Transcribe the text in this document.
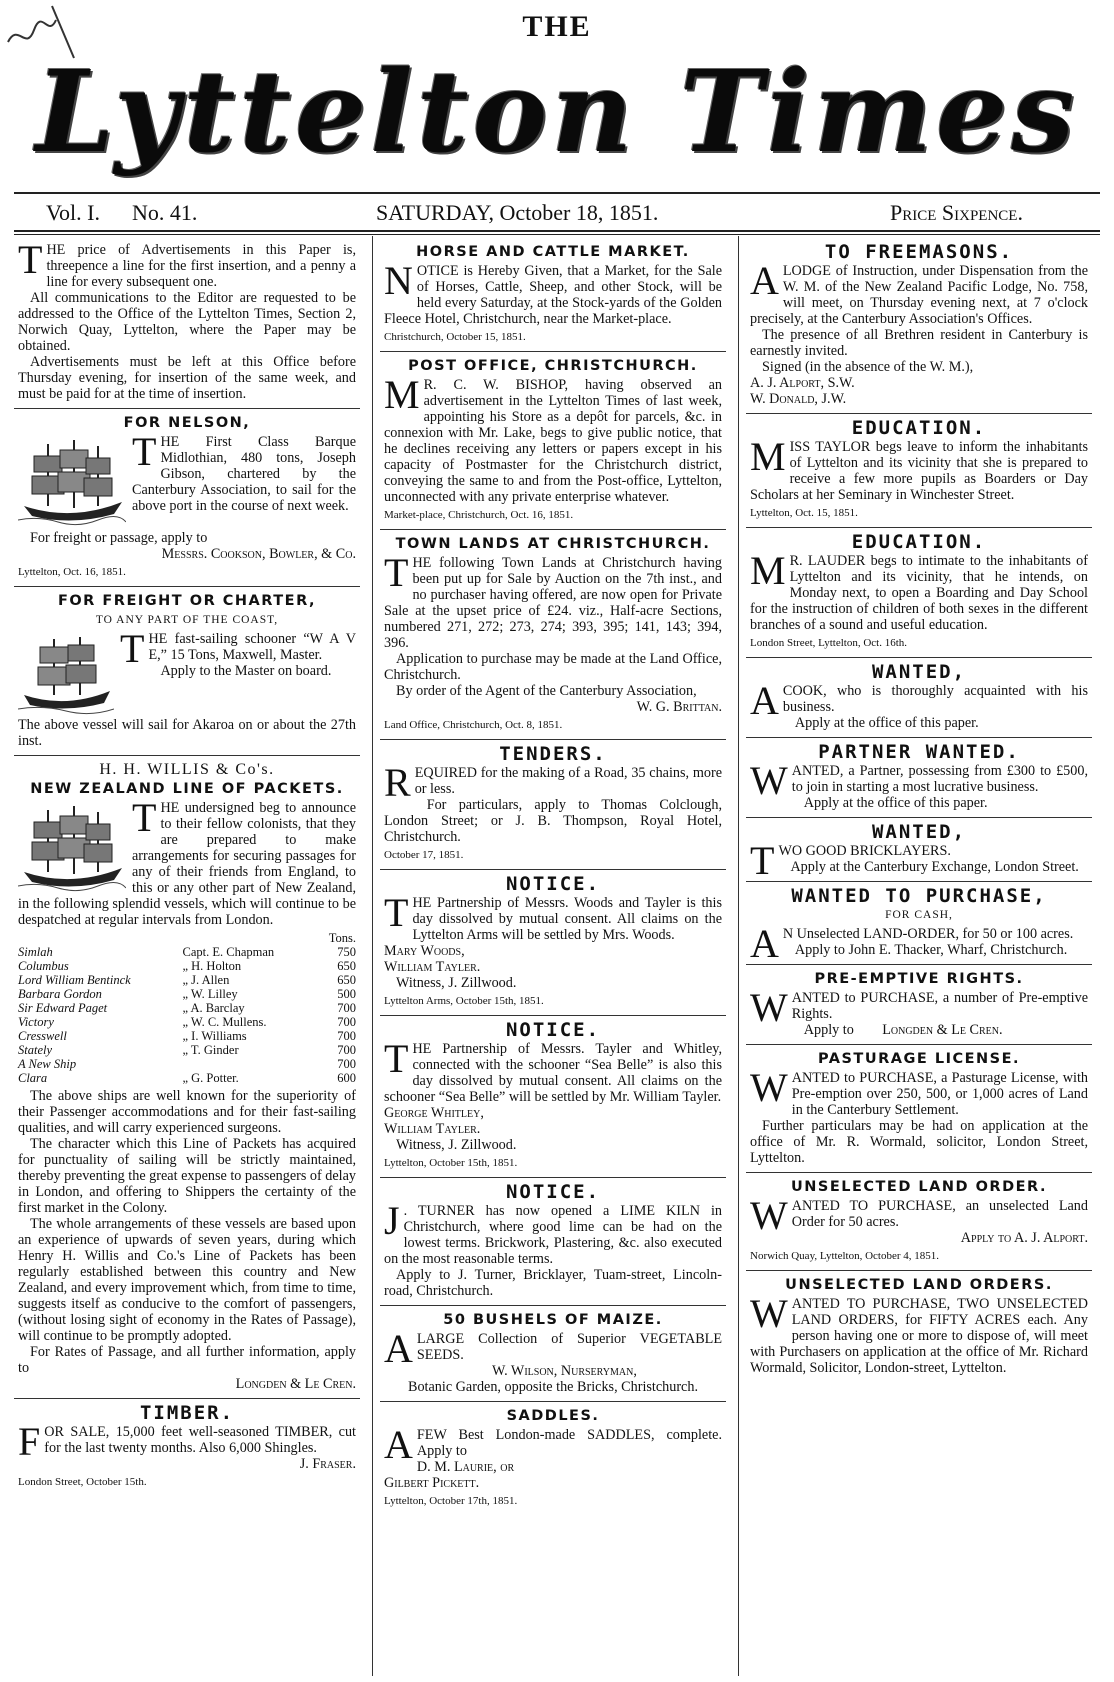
THE
Lyttelton Times
Vol. I. No. 41.	SATURDAY, October 18, 1851.	Price Sixpence.

THE price of Advertisements in this Paper is, threepence a line for the first insertion, and a penny a line for every subsequent one.

All communications to the Editor are requested to be addressed to the Office of the Lyttelton Times, Section 2, Norwich Quay, Lyttelton, where the Paper may be obtained.

Advertisements must be left at this Office before Thursday evening, for insertion of the same week, and must be paid for at the time of insertion.

FOR NELSON,

THE First Class Barque Midlothian, 480 tons, Joseph Gibson, chartered by the Canterbury Association, to sail for the above port in the course of next week.

For freight or passage, apply to

Messrs. Cookson, Bowler, & Co.

Lyttelton, Oct. 16, 1851.

FOR FREIGHT OR CHARTER,
TO ANY PART OF THE COAST,

THE fast-sailing schooner “W A V E,” 15 Tons, Maxwell, Master.

Apply to the Master on board.

The above vessel will sail for Akaroa on or about the 27th inst.

H. H. WILLIS & Co's.
NEW ZEALAND LINE OF PACKETS.

THE undersigned beg to announce to their fellow colonists, that they are prepared to make arrangements for securing passages for any of their friends from England, to this or any other part of New Zealand, in the following splendid vessels, which will continue to be despatched at regular intervals from London.

		Tons.
Simlah	Capt. E. Chapman	750
Columbus	„ H. Holton	650
Lord William Bentinck	„ J. Allen	650
Barbara Gordon	„ W. Lilley	500
Sir Edward Paget	„ A. Barclay	700
Victory	„ W. C. Mullens.	700
Cresswell	„ I. Williams	700
Stately	„ T. Ginder	700
A New Ship		700
Clara	„ G. Potter.	600

The above ships are well known for the superiority of their Passenger accommodations and for their fast-sailing qualities, and will carry experienced surgeons.

The character which this Line of Packets has acquired for punctuality of sailing will be strictly maintained, thereby preventing the great expense to passengers of delay in London, and offering to Shippers the certainty of the first market in the Colony.

The whole arrangements of these vessels are based upon an experience of upwards of seven years, during which Henry H. Willis and Co.'s Line of Packets has been regularly established between this country and New Zealand, and every improvement which, from time to time, suggests itself as conducive to the comfort of passengers, (without losing sight of economy in the Rates of Passage), will continue to be promptly adopted.

For Rates of Passage, and all further information, apply to

Longden & Le Cren.

TIMBER.

FOR SALE, 15,000 feet well-seasoned TIMBER, cut for the last twenty months. Also 6,000 Shingles.

J. Fraser.

London Street, October 15th.

HORSE AND CATTLE MARKET.

NOTICE is Hereby Given, that a Market, for the Sale of Horses, Cattle, Sheep, and other Stock, will be held every Saturday, at the Stock-yards of the Golden Fleece Hotel, Christchurch, near the Market-place.

Christchurch, October 15, 1851.

POST OFFICE, CHRISTCHURCH.

M R. C. W. BISHOP, having observed an advertisement in the Lyttelton Times of last week, appointing his Store as a depôt for parcels, &c. in connexion with Mr. Lake, begs to give public notice, that he declines receiving any letters or papers except in his capacity of Postmaster for the Christchurch district, conveying the same to and from the Post-office, Lyttelton, unconnected with any private enterprise whatever.

Market-place, Christchurch, Oct. 16, 1851.

TOWN LANDS AT CHRISTCHURCH.

THE following Town Lands at Christchurch having been put up for Sale by Auction on the 7th inst., and no purchaser having offered, are now open for Private Sale at the upset price of £24. viz., Half-acre Sections, numbered 271, 272; 273, 274; 393, 395; 141, 143; 394, 396.

Application to purchase may be made at the Land Office, Christchurch.

By order of the Agent of the Canterbury Association,

W. G. Brittan.

Land Office, Christchurch, Oct. 8, 1851.

TENDERS.

REQUIRED for the making of a Road, 35 chains, more or less.

For particulars, apply to Thomas Colclough, London Street; or J. B. Thompson, Royal Hotel, Christchurch.

October 17, 1851.

NOTICE.

THE Partnership of Messrs. Woods and Tayler is this day dissolved by mutual consent. All claims on the Lyttelton Arms will be settled by Mrs. Woods.

Mary Woods,

William Tayler.

Witness, J. Zillwood.

Lyttelton Arms, October 15th, 1851.

NOTICE.

THE Partnership of Messrs. Tayler and Whitley, connected with the schooner “Sea Belle” is also this day dissolved by mutual consent. All claims on the schooner “Sea Belle” will be settled by Mr. William Tayler.

George Whitley,

William Tayler.

Witness, J. Zillwood.

Lyttelton, October 15th, 1851.

NOTICE.

J . TURNER has now opened a LIME KILN in Christchurch, where good lime can be had on the lowest terms. Brickwork, Plastering, &c. also executed on the most reasonable terms.

Apply to J. Turner, Bricklayer, Tuam-street, Lincoln-road, Christchurch.

50 BUSHELS OF MAIZE.

ALARGE Collection of Superior VEGETABLE SEEDS.

W. Wilson, Nurseryman,

Botanic Garden, opposite the Bricks, Christchurch.

SADDLES.

AFEW Best London-made SADDLES, complete. Apply to

D. M. Laurie, or

Gilbert Pickett.

Lyttelton, October 17th, 1851.

TO FREEMASONS.

ALODGE of Instruction, under Dispensation from the W. M. of the New Zealand Pacific Lodge, No. 758, will meet, on Thursday evening next, at 7 o'clock precisely, at the Canterbury Association's Offices.

The presence of all Brethren resident in Canterbury is earnestly invited.

Signed (in the absence of the W. M.),

A. J. Alport, S.W.

W. Donald, J.W.

EDUCATION.

MISS TAYLOR begs leave to inform the inhabitants of Lyttelton and its vicinity that she is prepared to receive a few more pupils as Boarders or Day Scholars at her Seminary in Winchester Street.

Lyttelton, Oct. 15, 1851.

EDUCATION.

M R. LAUDER begs to intimate to the inhabitants of Lyttelton and its vicinity, that he intends, on Monday next, to open a Boarding and Day School for the instruction of children of both sexes in the different branches of a sound and useful education.

London Street, Lyttelton, Oct. 16th.

WANTED,

ACOOK, who is thoroughly acquainted with his business.

Apply at the office of this paper.

PARTNER WANTED.

WANTED, a Partner, possessing from £300 to £500, to join in starting a most lucrative business.

Apply at the office of this paper.

WANTED,

TWO GOOD BRICKLAYERS.

Apply at the Canterbury Exchange, London Street.

WANTED TO PURCHASE,
FOR CASH,

A N Unselected LAND-ORDER, for 50 or 100 acres.

Apply to John E. Thacker, Wharf, Christchurch.

PRE-EMPTIVE RIGHTS.

WANTED to PURCHASE, a number of Pre-emptive Rights.

Apply to Longden & Le Cren.

PASTURAGE LICENSE.

WANTED to PURCHASE, a Pasturage License, with Pre-emption over 250, 500, or 1,000 acres of Land in the Canterbury Settlement.

Further particulars may be had on application at the office of Mr. R. Wormald, solicitor, London Street, Lyttelton.

UNSELECTED LAND ORDER.

WANTED TO PURCHASE, an unselected Land Order for 50 acres.

Apply to A. J. Alport.

Norwich Quay, Lyttelton, October 4, 1851.

UNSELECTED LAND ORDERS.

WANTED TO PURCHASE, TWO UNSELECTED LAND ORDERS, for FIFTY ACRES each. Any person having one or more to dispose of, will meet with Purchasers on application at the office of Mr. Richard Wormald, Solicitor, London-street, Lyttelton.
